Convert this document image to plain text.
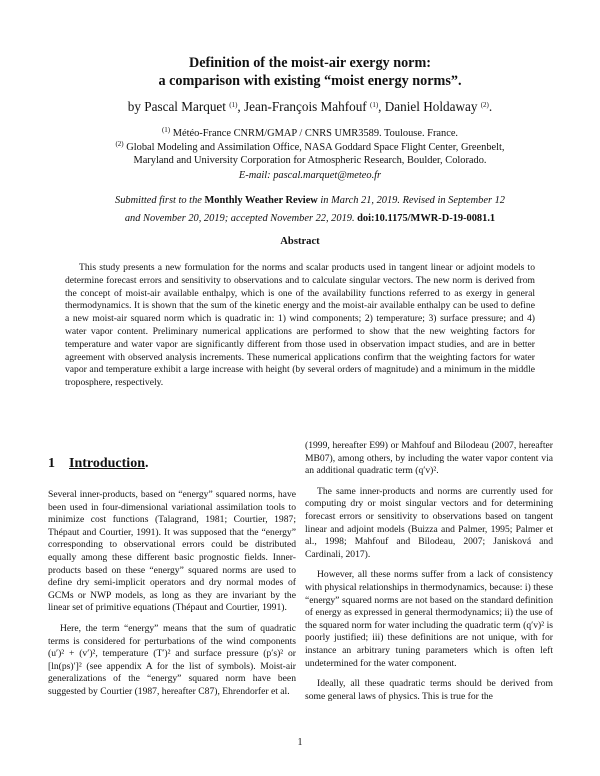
Definition of the moist-air exergy norm:
a comparison with existing “moist energy norms”.
by Pascal Marquet $^{(1)}$, Jean-François Mahfouf $^{(1)}$, Daniel Holdaway $^{(2)}$.
$^{(1)}$ Météo-France CNRM/GMAP / CNRS UMR3589. Toulouse. France.
$^{(2)}$ Global Modeling and Assimilation Office, NASA Goddard Space Flight Center, Greenbelt,
Maryland and University Corporation for Atmospheric Research, Boulder, Colorado.
E-mail: pascal.marquet@meteo.fr
Submitted first to the Monthly Weather Review in March 21, 2019. Revised in September 12
and November 20, 2019; accepted November 22, 2019. doi:10.1175/MWR-D-19-0081.1
Abstract

This study presents a new formulation for the norms and scalar products used in tangent linear or adjoint models to determine forecast errors and sensitivity to observations and to calculate singular vectors. The new norm is derived from the concept of moist-air available enthalpy, which is one of the availability functions referred to as exergy in general thermodynamics. It is shown that the sum of the kinetic energy and the moist-air available enthalpy can be used to define a new moist-air squared norm which is quadratic in: 1) wind components; 2) temperature; 3) surface pressure; and 4) water vapor content. Preliminary numerical applications are performed to show that the new weighting factors for temperature and water vapor are significantly different from those used in observation impact studies, and are in better agreement with observed analysis increments. These numerical applications confirm that the weighting factors for water vapor and temperature exhibit a large increase with height (by several orders of magnitude) and a minimum in the middle troposphere, respectively.

1 Introduction.

Several inner-products, based on “energy” squared norms, have been used in four-dimensional variational assimilation tools to minimize cost functions (Talagrand, 1981; Courtier, 1987; Thépaut and Courtier, 1991). It was supposed that the “energy” corresponding to observational errors could be distributed equally among these different basic prognostic fields. Inner-products based on these “energy” squared norms are used to define dry semi-implicit operators and dry normal modes of GCMs or NWP models, as long as they are invariant by the linear set of primitive equations (Thépaut and Courtier, 1991).

Here, the term “energy” means that the sum of quadratic terms is considered for perturbations of the wind components (u′)² + (v′)², temperature (T′)² and surface pressure (p′s)² or [ln(ps)′]² (see appendix A for the list of symbols). Moist-air generalizations of the “energy” squared norm have been suggested by Courtier (1987, hereafter C87), Ehrendorfer et al.

(1999, hereafter E99) or Mahfouf and Bilodeau (2007, hereafter MB07), among others, by including the water vapor content via an additional quadratic term (q′v)².

The same inner-products and norms are currently used for computing dry or moist singular vectors and for determining forecast errors or sensitivity to observations based on tangent linear and adjoint models (Buizza and Palmer, 1995; Palmer et al., 1998; Mahfouf and Bilodeau, 2007; Janisková and Cardinali, 2017).

However, all these norms suffer from a lack of consistency with physical relationships in thermodynamics, because: i) these “energy” squared norms are not based on the standard definition of energy as expressed in general thermodynamics; ii) the use of the squared norm for water including the quadratic term (q′v)² is poorly justified; iii) these definitions are not unique, with for instance an arbitrary tuning parameters which is often left undetermined for the water component.

Ideally, all these quadratic terms should be derived from some general laws of physics. This is true for the

1
